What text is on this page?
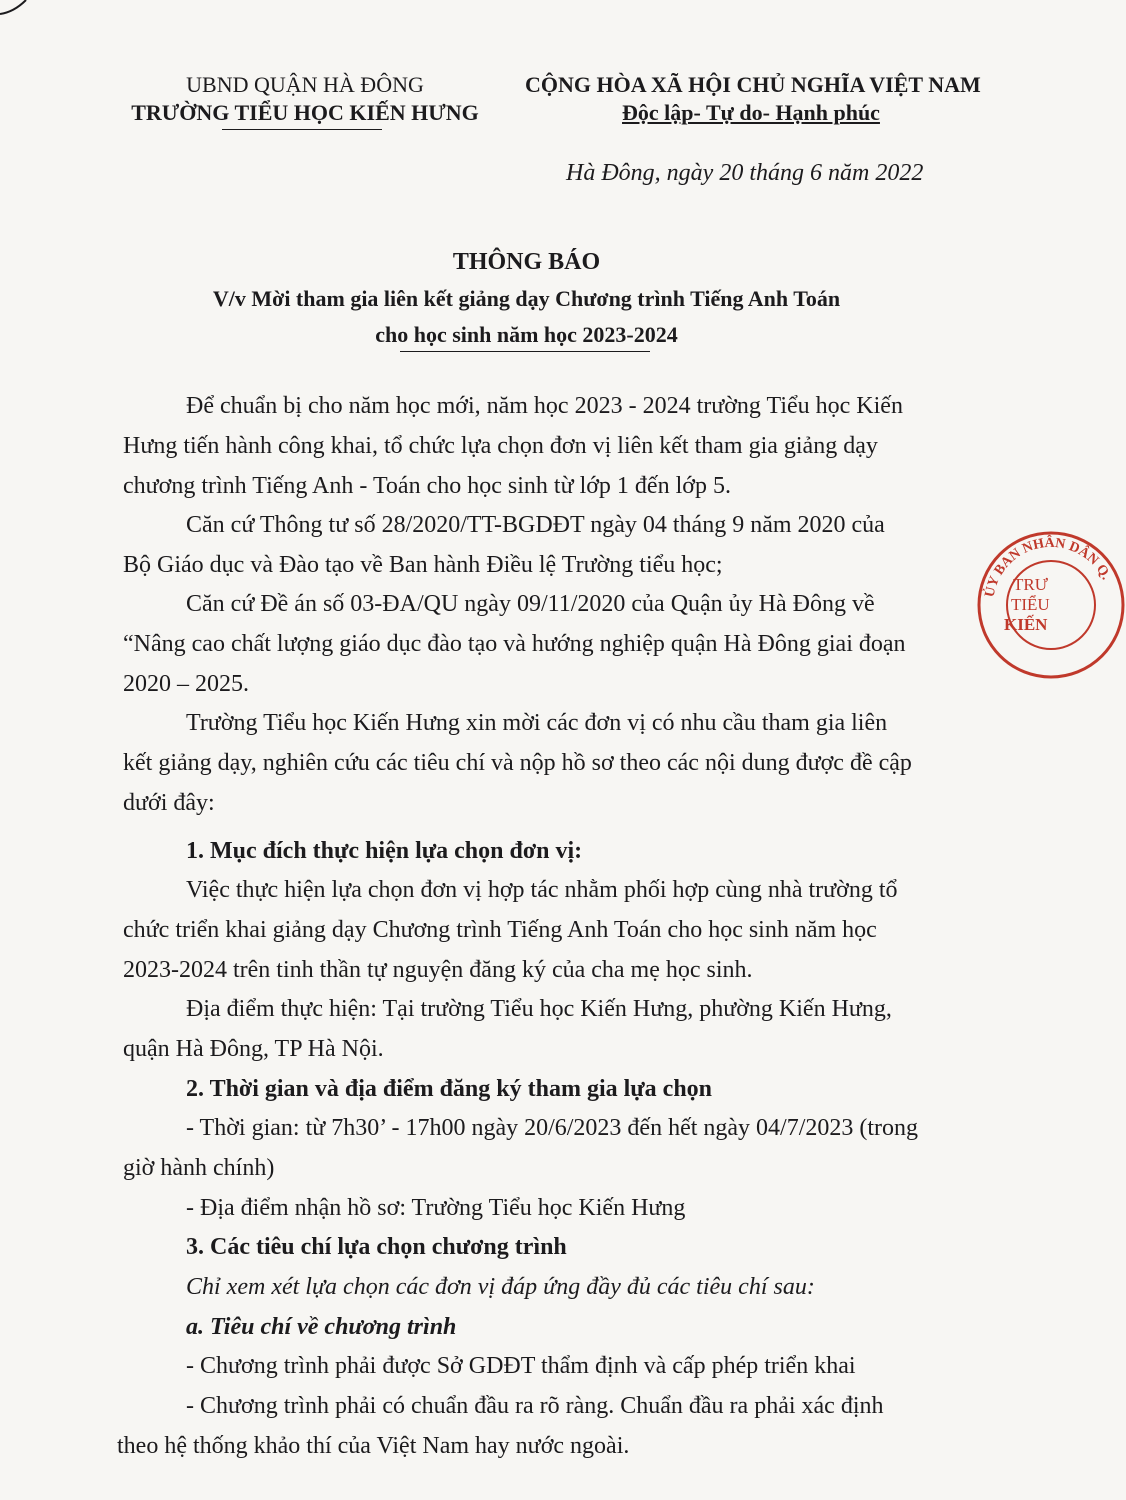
UBND QUẬN HÀ ĐÔNG
TRƯỜNG TIỂU HỌC KIẾN HƯNG
CỘNG HÒA XÃ HỘI CHỦ NGHĨA VIỆT NAM
Độc lập- Tự do- Hạnh phúc
Hà Đông, ngày 20 tháng 6 năm 2022
THÔNG BÁO
V/v Mời tham gia liên kết giảng dạy Chương trình Tiếng Anh Toán
cho học sinh năm học 2023-2024
Để chuẩn bị cho năm học mới, năm học 2023 - 2024 trường Tiểu học Kiến
Hưng tiến hành công khai, tổ chức lựa chọn đơn vị liên kết tham gia giảng dạy
chương trình Tiếng Anh - Toán cho học sinh từ lớp 1 đến lớp 5.
Căn cứ Thông tư số 28/2020/TT-BGDĐT ngày 04 tháng 9 năm 2020 của
Bộ Giáo dục và Đào tạo về Ban hành Điều lệ Trường tiểu học;
Căn cứ Đề án số 03-ĐA/QU ngày 09/11/2020 của Quận ủy Hà Đông về
“Nâng cao chất lượng giáo dục đào tạo và hướng nghiệp quận Hà Đông giai đoạn
2020 – 2025.
Trường Tiểu học Kiến Hưng xin mời các đơn vị có nhu cầu tham gia liên
kết giảng dạy, nghiên cứu các tiêu chí và nộp hồ sơ theo các nội dung được đề cập
dưới đây:
1. Mục đích thực hiện lựa chọn đơn vị:
Việc thực hiện lựa chọn đơn vị hợp tác nhằm phối hợp cùng nhà trường tổ
chức triển khai giảng dạy Chương trình Tiếng Anh Toán cho học sinh năm học
2023-2024 trên tinh thần tự nguyện đăng ký của cha mẹ học sinh.
Địa điểm thực hiện: Tại trường Tiểu học Kiến Hưng, phường Kiến Hưng,
quận Hà Đông, TP Hà Nội.
2. Thời gian và địa điểm đăng ký tham gia lựa chọn
- Thời gian: từ 7h30’ - 17h00 ngày 20/6/2023 đến hết ngày 04/7/2023 (trong
giờ hành chính)
- Địa điểm nhận hồ sơ: Trường Tiểu học Kiến Hưng
3. Các tiêu chí lựa chọn chương trình
Chỉ xem xét lựa chọn các đơn vị đáp ứng đầy đủ các tiêu chí sau:
a. Tiêu chí về chương trình
- Chương trình phải được Sở GDĐT thẩm định và cấp phép triển khai
- Chương trình phải có chuẩn đầu ra rõ ràng. Chuẩn đầu ra phải xác định
theo hệ thống khảo thí của Việt Nam hay nước ngoài.
ỦY BAN NHÂN DÂN Q.
TRƯ
TIỂU
KIẾN
